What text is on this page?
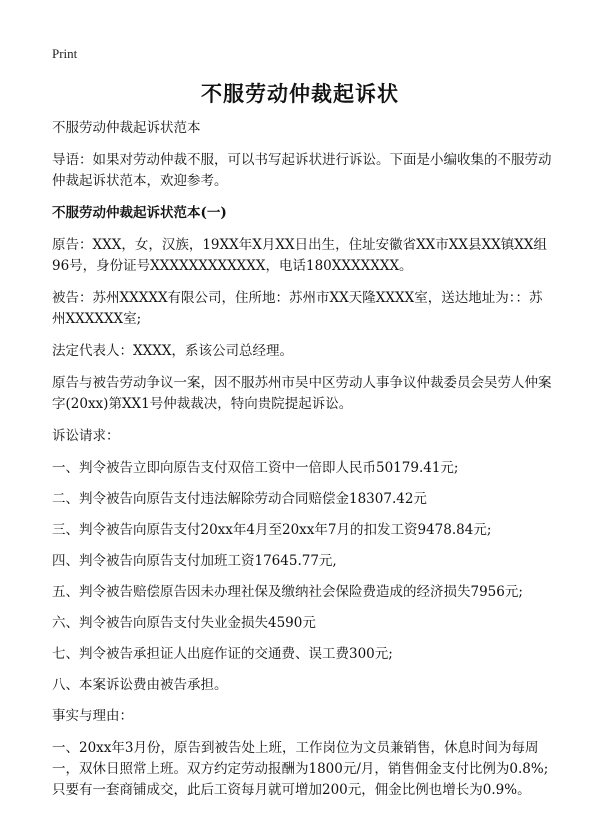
Print
不服劳动仲裁起诉状

不服劳动仲裁起诉状范本

导语：如果对劳动仲裁不服，可以书写起诉状进行诉讼。下面是小编收集的不服劳动仲裁起诉状范本，欢迎参考。

不服劳动仲裁起诉状范本(一)

原告：XXX，女，汉族，19XX年X月XX日出生，住址安徽省XX市XX县XX镇XX组96号，身份证号XXXXXXXXXXXX，电话180XXXXXXX。

被告：苏州XXXXX有限公司，住所地：苏州市XX天隆XXXX室，送达地址为：：苏州XXXXXX室;

法定代表人：XXXX，系该公司总经理。

原告与被告劳动争议一案，因不服苏州市吴中区劳动人事争议仲裁委员会吴劳人仲案字(20xx)第XX1号仲裁裁决，特向贵院提起诉讼。

诉讼请求：

一、判令被告立即向原告支付双倍工资中一倍即人民币50179.41元;

二、判令被告向原告支付违法解除劳动合同赔偿金18307.42元

三、判令被告向原告支付20xx年4月至20xx年7月的扣发工资9478.84元;

四、判令被告向原告支付加班工资17645.77元,

五、判令被告赔偿原告因未办理社保及缴纳社会保险费造成的经济损失7956元;

六、判令被告向原告支付失业金损失4590元

七、判令被告承担证人出庭作证的交通费、误工费300元;

八、本案诉讼费由被告承担。

事实与理由：

一、20xx年3月份，原告到被告处上班，工作岗位为文员兼销售，休息时间为每周一，双休日照常上班。双方约定劳动报酬为1800元/月，销售佣金支付比例为0.8%;只要有一套商铺成交，此后工资每月就可增加200元，佣金比例也增长为0.9%。
